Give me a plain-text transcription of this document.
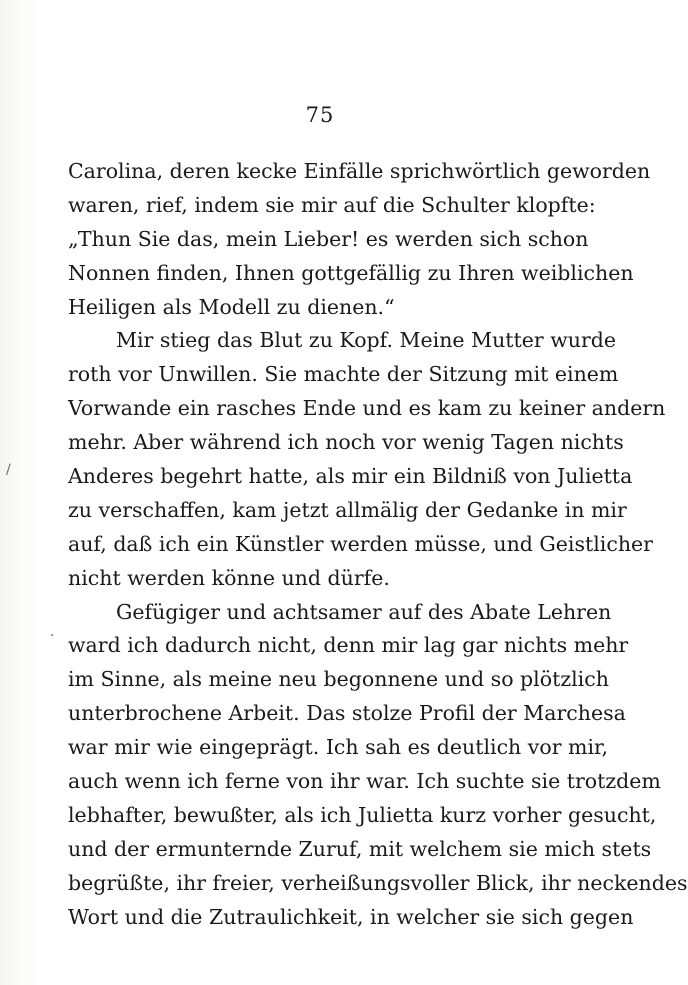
75
/
·
Carolina, deren kecke Einfälle sprichwörtlich geworden
waren, rief, indem sie mir auf die Schulter klopfte:
„Thun Sie das, mein Lieber! es werden sich schon
Nonnen finden, Ihnen gottgefällig zu Ihren weiblichen
Heiligen als Modell zu dienen.“
Mir stieg das Blut zu Kopf. Meine Mutter wurde
roth vor Unwillen. Sie machte der Sitzung mit einem
Vorwande ein rasches Ende und es kam zu keiner andern
mehr. Aber während ich noch vor wenig Tagen nichts
Anderes begehrt hatte, als mir ein Bildniß von Julietta
zu verschaffen, kam jetzt allmälig der Gedanke in mir
auf, daß ich ein Künstler werden müsse, und Geistlicher
nicht werden könne und dürfe.
Gefügiger und achtsamer auf des Abate Lehren
ward ich dadurch nicht, denn mir lag gar nichts mehr
im Sinne, als meine neu begonnene und so plötzlich
unterbrochene Arbeit. Das stolze Profil der Marchesa
war mir wie eingeprägt. Ich sah es deutlich vor mir,
auch wenn ich ferne von ihr war. Ich suchte sie trotzdem
lebhafter, bewußter, als ich Julietta kurz vorher gesucht,
und der ermunternde Zuruf, mit welchem sie mich stets
begrüßte, ihr freier, verheißungsvoller Blick, ihr neckendes
Wort und die Zutraulichkeit, in welcher sie sich gegen
